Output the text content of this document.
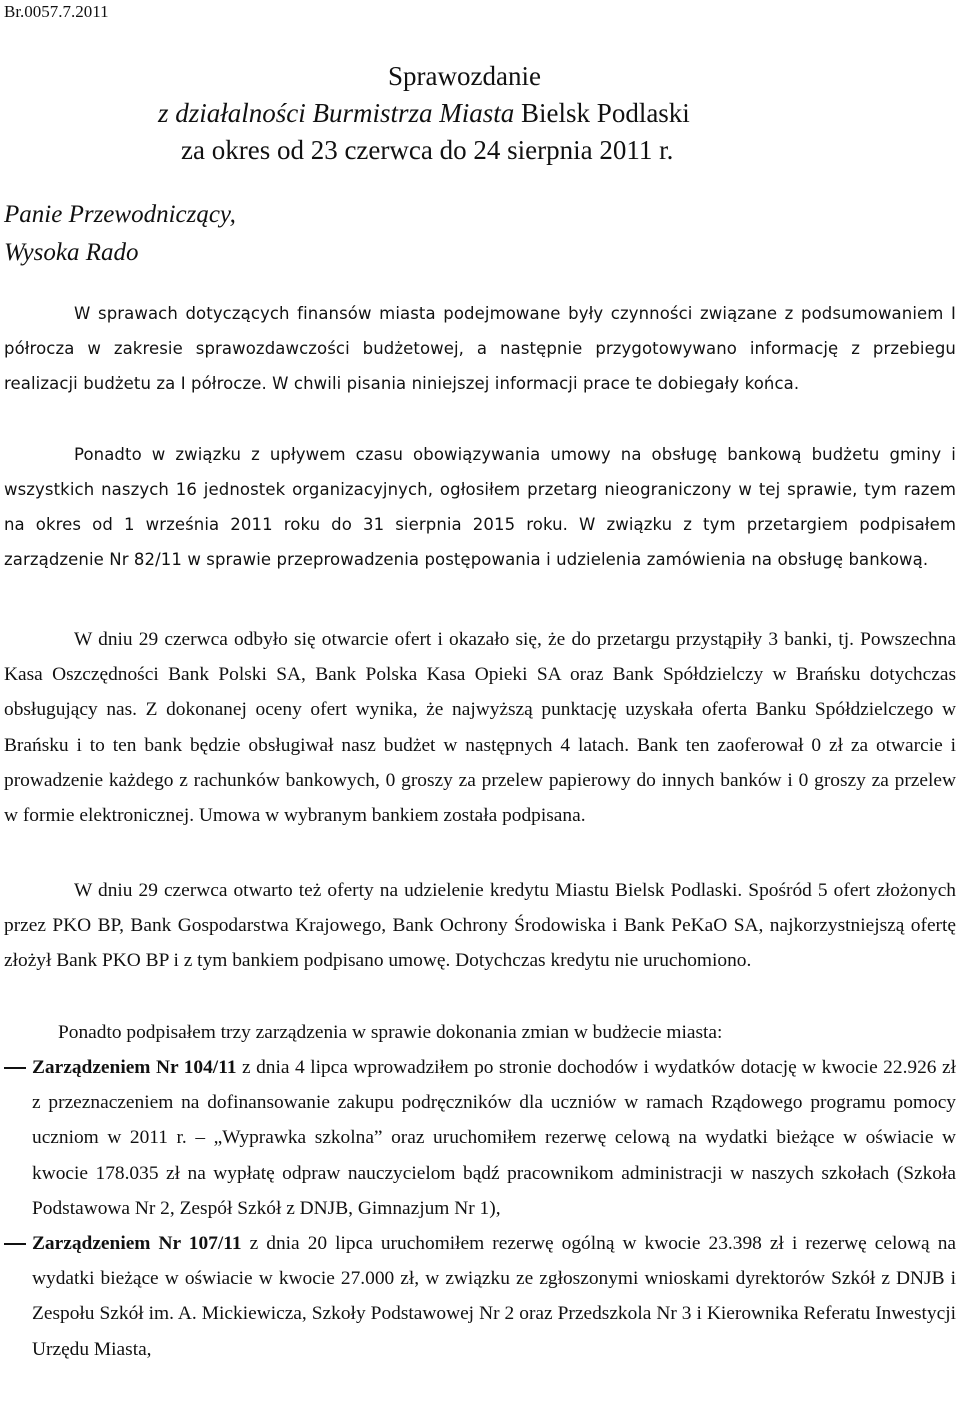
Br.0057.7.2011
Sprawozdanie
z działalności Burmistrza Miasta Bielsk Podlaski
za okres od 23 czerwca do 24 sierpnia 2011 r.
Panie Przewodniczący,
Wysoka Rado

W sprawach dotyczących finansów miasta podejmowane były czynności związane z podsumowaniem I półrocza w zakresie sprawozdawczości budżetowej, a następnie przygotowywano informację z przebiegu realizacji budżetu za I półrocze. W chwili pisania niniejszej informacji prace te dobiegały końca.

Ponadto w związku z upływem czasu obowiązywania umowy na obsługę bankową budżetu gminy i wszystkich naszych 16 jednostek organizacyjnych, ogłosiłem przetarg nieograniczony w tej sprawie, tym razem na okres od 1 września 2011 roku do 31 sierpnia 2015 roku. W związku z tym przetargiem podpisałem zarządzenie Nr 82/11 w sprawie przeprowadzenia postępowania i udzielenia zamówienia na obsługę bankową.

W dniu 29 czerwca odbyło się otwarcie ofert i okazało się, że do przetargu przystąpiły 3 banki, tj. Powszechna Kasa Oszczędności Bank Polski SA, Bank Polska Kasa Opieki SA oraz Bank Spółdzielczy w Brańsku dotychczas obsługujący nas. Z dokonanej oceny ofert wynika, że najwyższą punktację uzyskała oferta Banku Spółdzielczego w Brańsku i to ten bank będzie obsługiwał nasz budżet w następnych 4 latach. Bank ten zaoferował 0 zł za otwarcie i prowadzenie każdego z rachunków bankowych, 0 groszy za przelew papierowy do innych banków i 0 groszy za przelew w formie elektronicznej. Umowa w wybranym bankiem została podpisana.

W dniu 29 czerwca otwarto też oferty na udzielenie kredytu Miastu Bielsk Podlaski. Spośród 5 ofert złożonych przez PKO BP, Bank Gospodarstwa Krajowego, Bank Ochrony Środowiska i Bank PeKaO SA, najkorzystniejszą ofertę złożył Bank PKO BP i z tym bankiem podpisano umowę. Dotychczas kredytu nie uruchomiono.

Ponadto podpisałem trzy zarządzenia w sprawie dokonania zmian w budżecie miasta:

Zarządzeniem Nr 104/11 z dnia 4 lipca wprowadziłem po stronie dochodów i wydatków dotację w kwocie 22.926 zł z przeznaczeniem na dofinansowanie zakupu podręczników dla uczniów w ramach Rządowego programu pomocy uczniom w 2011 r. – „Wyprawka szkolna” oraz uruchomiłem rezerwę celową na wydatki bieżące w oświacie w kwocie 178.035 zł na wypłatę odpraw nauczycielom bądź pracownikom administracji w naszych szkołach (Szkoła Podstawowa Nr 2, Zespół Szkół z DNJB, Gimnazjum Nr 1),
Zarządzeniem Nr 107/11 z dnia 20 lipca uruchomiłem rezerwę ogólną w kwocie 23.398 zł i rezerwę celową na wydatki bieżące w oświacie w kwocie 27.000 zł, w związku ze zgłoszonymi wnioskami dyrektorów Szkół z DNJB i Zespołu Szkół im. A. Mickiewicza, Szkoły Podstawowej Nr 2 oraz Przedszkola Nr 3 i Kierownika Referatu Inwestycji Urzędu Miasta,
